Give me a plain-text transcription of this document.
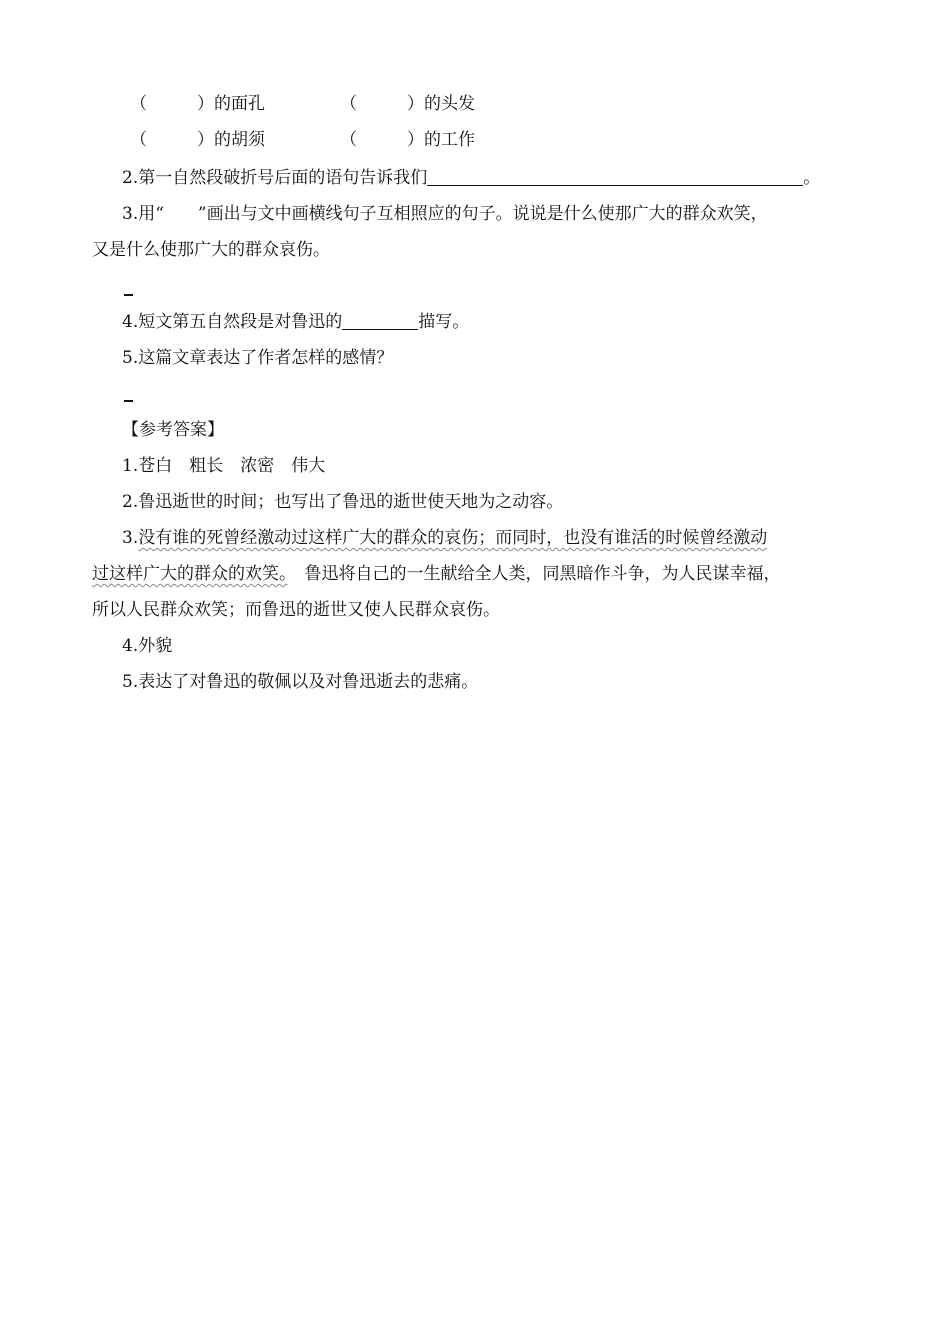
（	）的面孔	（	）的头发
（	）的胡须	（	）的工作
2.第一自然段破折号后面的语句告诉我们	。
3.用“ ”画出与文中画横线句子互相照应的句子。说说是什么使那广大的群众欢笑，
又是什么使那广大的群众哀伤。
4.短文第五自然段是对鲁迅的	描写。
5.这篇文章表达了作者怎样的感情？
【参考答案】
1.苍白　粗长　浓密　伟大
2.鲁迅逝世的时间；也写出了鲁迅的逝世使天地为之动容。
3.没有谁的死曾经激动过这样广大的群众的哀伤；而同时，也没有谁活的时候曾经激动
过这样广大的群众的欢笑。　鲁迅将自己的一生献给全人类，同黑暗作斗争，为人民谋幸福，
所以人民群众欢笑；而鲁迅的逝世又使人民群众哀伤。
4.外貌
5.表达了对鲁迅的敬佩以及对鲁迅逝去的悲痛。
